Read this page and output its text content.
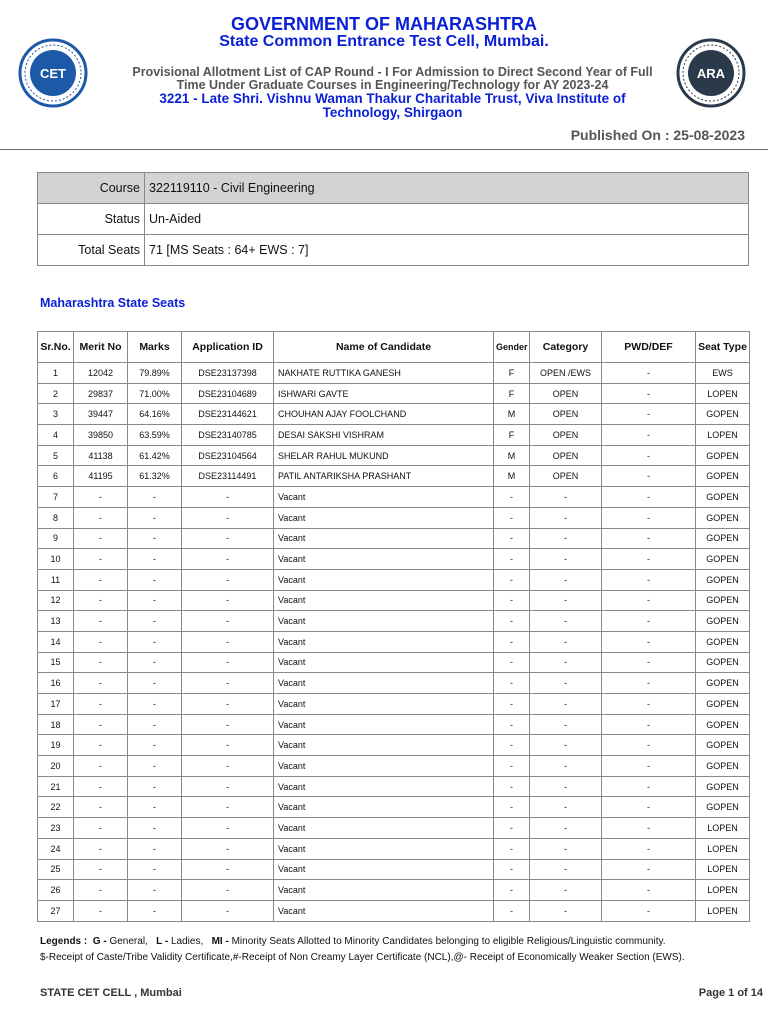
CET
GOVERNMENT OF MAHARASHTRA
State Common Entrance Test Cell, Mumbai.
Provisional Allotment List of CAP Round - I For Admission to Direct Second Year of Full Time Under Graduate Courses in Engineering/Technology for AY 2023-24
3221 - Late Shri. Vishnu Waman Thakur Charitable Trust, Viva Institute of Technology, Shirgaon
ARA
Published On : 25-08-2023
Course	322119110 - Civil Engineering
Status	Un-Aided
Total Seats	71 [MS Seats : 64+ EWS : 7]
Maharashtra State Seats
Sr.No.	Merit No	Marks	Application ID	Name of Candidate	Gender	Category	PWD/DEF	Seat Type
1	12042	79.89%	DSE23137398	NAKHATE RUTTIKA GANESH	F	OPEN /EWS	-	EWS
2	29837	71.00%	DSE23104689	ISHWARI GAVTE	F	OPEN	-	LOPEN
3	39447	64.16%	DSE23144621	CHOUHAN AJAY FOOLCHAND	M	OPEN	-	GOPEN
4	39850	63.59%	DSE23140785	DESAI SAKSHI VISHRAM	F	OPEN	-	LOPEN
5	41138	61.42%	DSE23104564	SHELAR RAHUL MUKUND	M	OPEN	-	GOPEN
6	41195	61.32%	DSE23114491	PATIL ANTARIKSHA PRASHANT	M	OPEN	-	GOPEN
7	-	-	-	Vacant	-	-	-	GOPEN
8	-	-	-	Vacant	-	-	-	GOPEN
9	-	-	-	Vacant	-	-	-	GOPEN
10	-	-	-	Vacant	-	-	-	GOPEN
11	-	-	-	Vacant	-	-	-	GOPEN
12	-	-	-	Vacant	-	-	-	GOPEN
13	-	-	-	Vacant	-	-	-	GOPEN
14	-	-	-	Vacant	-	-	-	GOPEN
15	-	-	-	Vacant	-	-	-	GOPEN
16	-	-	-	Vacant	-	-	-	GOPEN
17	-	-	-	Vacant	-	-	-	GOPEN
18	-	-	-	Vacant	-	-	-	GOPEN
19	-	-	-	Vacant	-	-	-	GOPEN
20	-	-	-	Vacant	-	-	-	GOPEN
21	-	-	-	Vacant	-	-	-	GOPEN
22	-	-	-	Vacant	-	-	-	GOPEN
23	-	-	-	Vacant	-	-	-	LOPEN
24	-	-	-	Vacant	-	-	-	LOPEN
25	-	-	-	Vacant	-	-	-	LOPEN
26	-	-	-	Vacant	-	-	-	LOPEN
27	-	-	-	Vacant	-	-	-	LOPEN
Legends : G - General, L - Ladies, MI - Minority Seats Allotted to Minority Candidates belonging to eligible Religious/Linguistic community.
$-Receipt of Caste/Tribe Validity Certificate,#-Receipt of Non Creamy Layer Certificate (NCL),@- Receipt of Economically Weaker Section (EWS).
STATE CET CELL , Mumbai	Page 1 of 14
